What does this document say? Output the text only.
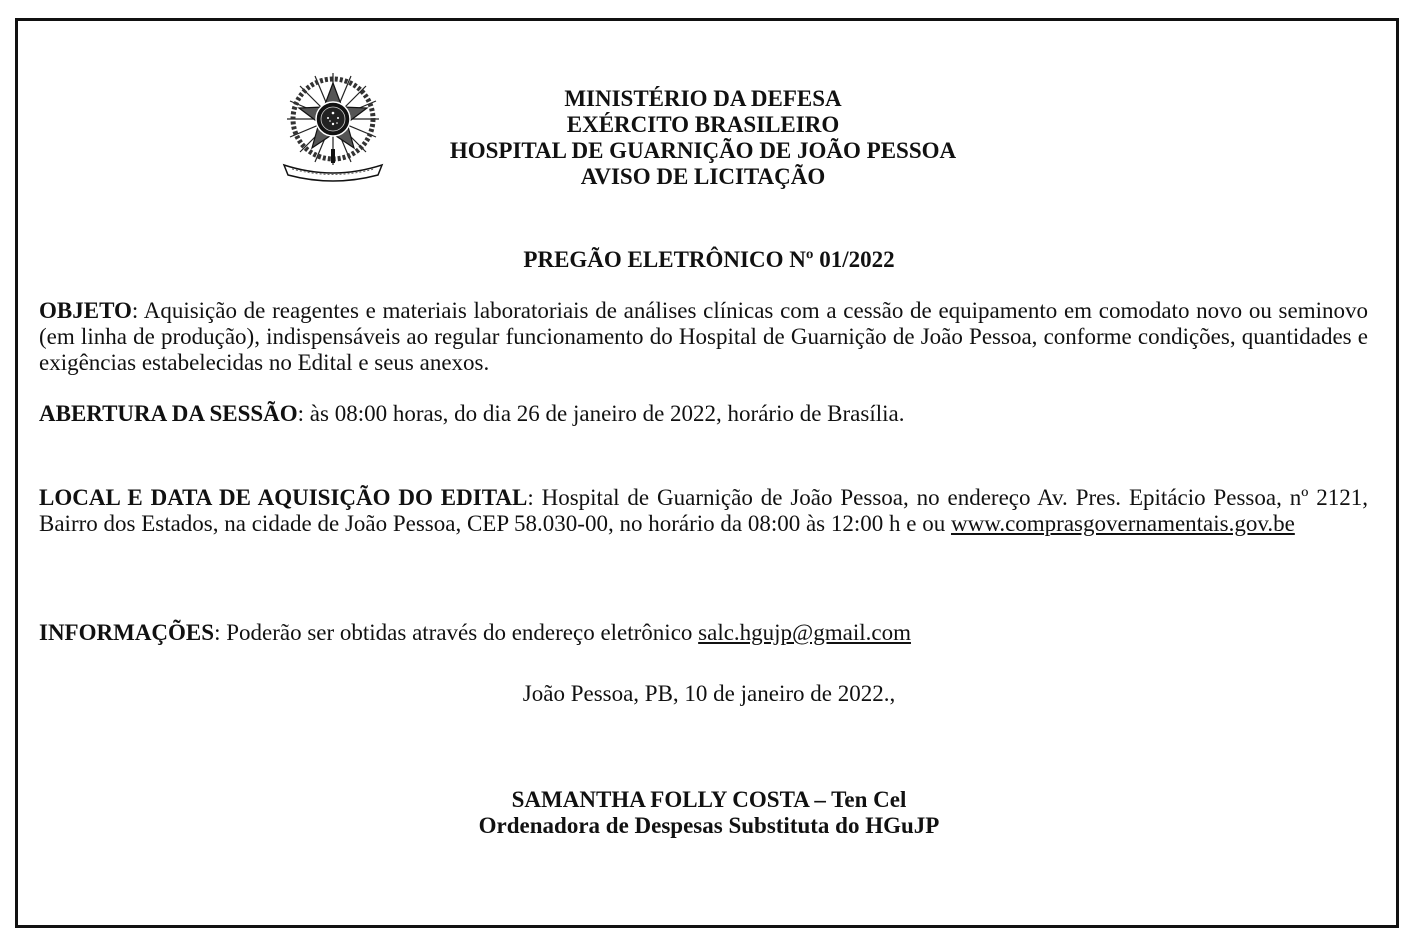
MINISTÉRIO DA DEFESA
EXÉRCITO BRASILEIRO
HOSPITAL DE GUARNIÇÃO DE JOÃO PESSOA
AVISO DE LICITAÇÃO
PREGÃO ELETRÔNICO Nº 01/2022
OBJETO: Aquisição de reagentes e materiais laboratoriais de análises clínicas com a cessão de equipamento em comodato novo ou seminovo (em linha de produção), indispensáveis ao regular funcionamento do Hospital de Guarnição de João Pessoa, conforme condições, quantidades e exigências estabelecidas no Edital e seus anexos.
ABERTURA DA SESSÃO: às 08:00 horas, do dia 26 de janeiro de 2022, horário de Brasília.
LOCAL E DATA DE AQUISIÇÃO DO EDITAL: Hospital de Guarnição de João Pessoa, no endereço Av. Pres. Epitácio Pessoa, nº 2121, Bairro dos Estados, na cidade de João Pessoa, CEP 58.030-00, no horário da 08:00 às 12:00 h e ou www.comprasgovernamentais.gov.be
INFORMAÇÕES: Poderão ser obtidas através do endereço eletrônico salc.hgujp@gmail.com
João Pessoa, PB, 10 de janeiro de 2022.,
SAMANTHA FOLLY COSTA – Ten Cel
Ordenadora de Despesas Substituta do HGuJP
